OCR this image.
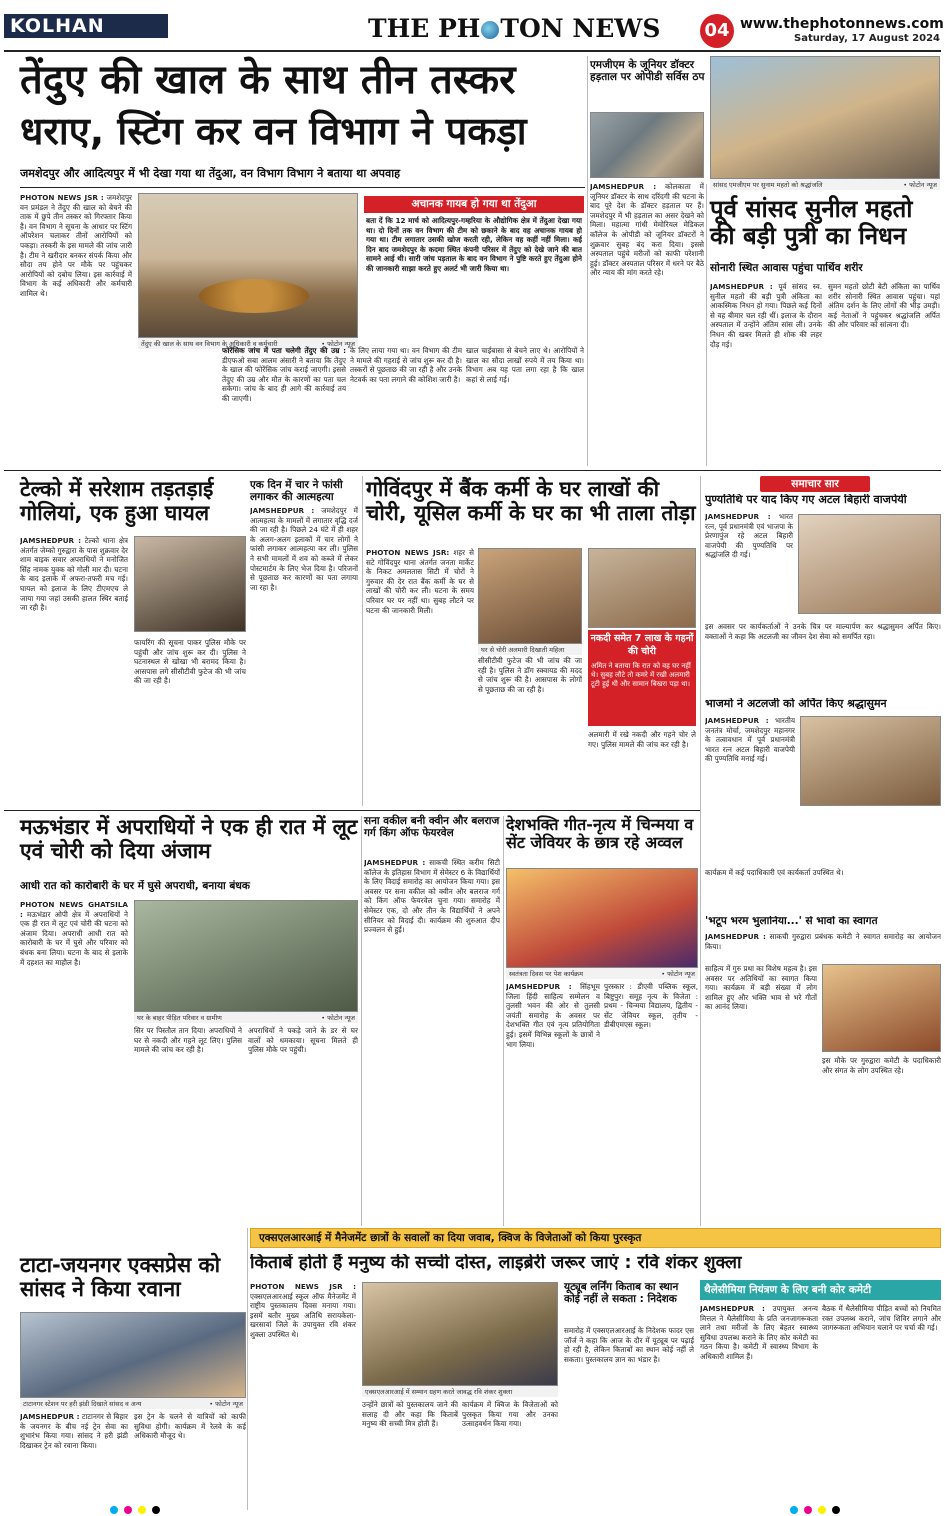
KOLHAN	THE PH TON NEWS 04 www.thephotonnews.com
Saturday, 17 August 2024
तेंदुए की खाल के साथ तीन तस्कर
धराए, स्टिंग कर वन विभाग ने पकड़ा
जमशेदपुर और आदित्यपुर में भी देखा गया था तेंदुआ, वन विभाग विभाग ने बताया था अपवाह
PHOTON NEWS JSR : जमशेदपुर वन प्रमंडल ने तेंदुए की खाल को बेचने की ताक में छुपे तीन तस्कर को गिरफ्तार किया है। वन विभाग ने सूचना के आधार पर स्टिंग ऑपरेशन चलाकर तीनों आरोपियों को पकड़ा। तस्करी के इस मामले की जांच जारी है। टीम ने खरीदार बनकर संपर्क किया और सौदा तय होने पर मौके पर पहुंचकर आरोपियों को दबोच लिया। इस कार्रवाई में विभाग के कई अधिकारी और कर्मचारी शामिल थे।
तेंदुए की खाल के साथ वन विभाग के अधिकारी व कर्मचारी	• फोटोन न्यूज
अचानक गायब हो गया था तेंदुआ
बता दें कि 12 मार्च को आदित्यपुर-गम्हरिया के औद्योगिक क्षेत्र में तेंदुआ देखा गया था। दो दिनों तक वन विभाग की टीम को छकाने के बाद वह अचानक गायब हो गया था। टीम लगातार उसकी खोज करती रही, लेकिन वह कहीं नहीं मिला। कई दिन बाद जमशेदपुर के कदमा स्थित कंपनी परिसर में तेंदुए को देखे जाने की बात सामने आई थी। सारी जांच पड़ताल के बाद वन विभाग ने पुष्टि करते हुए तेंदुआ होने की जानकारी साझा करते हुए अलर्ट भी जारी किया था।
फोरेंसिक जांच में पता चलेगी तेंदुए की उम्र : डीएफओ सबा आलम अंसारी ने बताया कि तेंदुए के खाल की फोरेंसिक जांच कराई जाएगी। इससे तेंदुए की उम्र और मौत के कारणों का पता चल सकेगा। जांच के बाद ही आगे की कार्रवाई तय की जाएगी।
के लिए लाया गया था। वन विभाग की टीम ने मामले की गहराई से जांच शुरू कर दी है। तस्करों से पूछताछ की जा रही है और उनके नेटवर्क का पता लगाने की कोशिश जारी है।
खाल चाईबासा से बेचने लाए थे। आरोपियों ने खाल का सौदा लाखों रुपये में तय किया था। विभाग अब यह पता लगा रहा है कि खाल कहां से लाई गई।
एमजीएम के जूनियर डॉक्टर हड़ताल पर ओपीडी सर्विस ठप
सांसद एमजीएम पर सुनाम महतो को श्रद्धांजलि	• फोटोन न्यूज
JAMSHEDPUR : कोलकाता में जूनियर डॉक्टर के साथ दरिंदगी की घटना के बाद पूरे देश के डॉक्टर हड़ताल पर हैं। जमशेदपुर में भी हड़ताल का असर देखने को मिला। महात्मा गांधी मेमोरियल मेडिकल कॉलेज के ओपीडी को जूनियर डॉक्टरों ने शुक्रवार सुबह बंद करा दिया। इससे अस्पताल पहुंचे मरीजों को काफी परेशानी हुई। डॉक्टर अस्पताल परिसर में धरने पर बैठे और न्याय की मांग करते रहे।
पूर्व सांसद सुनील महतो की बड़ी पुत्री का निधन
सोनारी स्थित आवास पहुंचा पार्थिव शरीर
JAMSHEDPUR : पूर्व सांसद स्व. सुनील महतो की बड़ी पुत्री अंकिता का आकस्मिक निधन हो गया। पिछले कई दिनों से वह बीमार चल रही थीं। इलाज के दौरान अस्पताल में उन्होंने अंतिम सांस ली। उनके निधन की खबर मिलते ही शोक की लहर दौड़ गई।
सुमन महतो छोटी बेटी अंकिता का पार्थिव शरीर सोनारी स्थित आवास पहुंचा। यहां अंतिम दर्शन के लिए लोगों की भीड़ उमड़ी। कई नेताओं ने पहुंचकर श्रद्धांजलि अर्पित की और परिवार को सांत्वना दी।
टेल्को में सरेशाम तड़तड़ाई गोलियां, एक हुआ घायल
JAMSHEDPUR : टेल्को थाना क्षेत्र अंतर्गत जेम्को गुरुद्वारा के पास शुक्रवार देर शाम बाइक सवार अपराधियों ने मनोजित सिंह नामक युवक को गोली मार दी। घटना के बाद इलाके में अफरा-तफरी मच गई। घायल को इलाज के लिए टीएमएच ले जाया गया जहां उसकी हालत स्थिर बताई जा रही है।
फायरिंग की सूचना पाकर पुलिस मौके पर पहुंची और जांच शुरू कर दी। पुलिस ने घटनास्थल से खोखा भी बरामद किया है। आसपास लगे सीसीटीवी फुटेज की भी जांच की जा रही है।
एक दिन में चार ने फांसी लगाकर की आत्महत्या
JAMSHEDPUR : जमशेदपुर में आत्महत्या के मामलों में लगातार वृद्धि दर्ज की जा रही है। पिछले 24 घंटे में ही शहर के अलग-अलग इलाकों में चार लोगों ने फांसी लगाकर आत्महत्या कर ली। पुलिस ने सभी मामलों में शव को कब्जे में लेकर पोस्टमार्टम के लिए भेज दिया है। परिजनों से पूछताछ कर कारणों का पता लगाया जा रहा है।
गोविंदपुर में बैंक कर्मी के घर लाखों की चोरी, यूसिल कर्मी के घर का भी ताला तोड़ा
PHOTON NEWS JSR: शहर से सटे गोविंदपुर थाना अंतर्गत जनता मार्केट के निकट अमलतास सिटी में चोरों ने गुरुवार की देर रात बैंक कर्मी के घर से लाखों की चोरी कर ली। घटना के समय परिवार घर पर नहीं था। सुबह लौटने पर घटना की जानकारी मिली।
घर से चोरी अलमारी दिखाती महिला
सीसीटीवी फुटेज की भी जांच की जा रही है। पुलिस ने डॉग स्क्वायड की मदद से जांच शुरू की है। आसपास के लोगों से पूछताछ की जा रही है।
नकदी समेत 7 लाख के गहनों की चोरी
अमित ने बताया कि रात को वह घर नहीं थे। सुबह लौटे तो कमरे में रखी अलमारी टूटी हुई थी और सामान बिखरा पड़ा था।
अलमारी में रखे नकदी और गहने चोर ले गए। पुलिस मामले की जांच कर रही है।
समाचार सार
पुण्यतिथि पर याद किए गए अटल बिहारी वाजपेयी
JAMSHEDPUR : भारत रत्न, पूर्व प्रधानमंत्री एवं भाजपा के प्रेरणापुंज रहे अटल बिहारी वाजपेयी की पुण्यतिथि पर श्रद्धांजलि दी गई।
इस अवसर पर कार्यकर्ताओं ने उनके चित्र पर माल्यार्पण कर श्रद्धासुमन अर्पित किए। वक्ताओं ने कहा कि अटलजी का जीवन देश सेवा को समर्पित रहा।
भाजमो ने अटलजी को अर्पित किए श्रद्धासुमन
JAMSHEDPUR : भारतीय जनतंत्र मोर्चा, जमशेदपुर महानगर के तत्वावधान में पूर्व प्रधानमंत्री भारत रत्न अटल बिहारी वाजपेयी की पुण्यतिथि मनाई गई।
कार्यक्रम में कई पदाधिकारी एवं कार्यकर्ता उपस्थित थे।
'भटूप भरम भुलानिया...' से भावों का स्वागत
JAMSHEDPUR : साकची गुरुद्वारा प्रबंधक कमेटी ने स्वागत समारोह का आयोजन किया।
साहित्य में गुरु प्रथा का विशेष महत्व है। इस अवसर पर अतिथियों का स्वागत किया गया। कार्यक्रम में बड़ी संख्या में लोग शामिल हुए और भक्ति भाव से भरे गीतों का आनंद लिया।
इस मौके पर गुरुद्वारा कमेटी के पदाधिकारी और संगत के लोग उपस्थित रहे।
मऊभंडार में अपराधियों ने एक ही रात में लूट एवं चोरी को दिया अंजाम
आधी रात को कारोबारी के घर में घुसे अपराधी, बनाया बंधक
PHOTON NEWS GHATSILA : मऊभंडार ओपी क्षेत्र में अपराधियों ने एक ही रात में लूट एवं चोरी की घटना को अंजाम दिया। अपराधी आधी रात को कारोबारी के घर में घुसे और परिवार को बंधक बना लिया। घटना के बाद से इलाके में दहशत का माहौल है।
घर के बाहर पीड़ित परिवार व ग्रामीण	• फोटोन न्यूज
सिर पर पिस्तौल तान दिया। अपराधियों ने घर से नकदी और गहने लूट लिए। पुलिस मामले की जांच कर रही है।
अपराधियों ने पकड़े जाने के डर से घर वालों को धमकाया। सूचना मिलते ही पुलिस मौके पर पहुंची।
सना वकील बनी क्वीन और बलराज गर्ग किंग ऑफ फेयरवेल
JAMSHEDPUR : साकची स्थित करीम सिटी कॉलेज के इतिहास विभाग में सेमेस्टर 6 के विद्यार्थियों के लिए विदाई समारोह का आयोजन किया गया। इस अवसर पर सना वकील को क्वीन और बलराज गर्ग को किंग ऑफ फेयरवेल चुना गया। समारोह में सेमेस्टर एक, दो और तीन के विद्यार्थियों ने अपने सीनियर को विदाई दी। कार्यक्रम की शुरुआत दीप प्रज्वलन से हुई।
देशभक्ति गीत-नृत्य में चिन्मया व सेंट जेवियर के छात्र रहे अव्वल
स्वतंत्रता दिवस पर पेश कार्यक्रम	• फोटोन न्यूज
JAMSHEDPUR : सिंहभूम जिला हिंदी साहित्य सम्मेलन व तुलसी भवन की ओर से तुलसी जयंती समारोह के अवसर पर देशभक्ति गीत एवं नृत्य प्रतियोगिता हुई। इसमें विभिन्न स्कूलों के छात्रों ने भाग लिया।
पुरस्कार : डीएवी पब्लिक स्कूल, बिष्टुपुर। समूह नृत्य के विजेता : प्रथम - चिन्मया विद्यालय, द्वितीय - सेंट जेवियर स्कूल, तृतीय - डीबीएमएस स्कूल।
एक्सएलआरआई में मैनेजमेंट छात्रों के सवालों का दिया जवाब, क्विज के विजेताओं को किया पुरस्कृत
टाटा-जयनगर एक्सप्रेस को सांसद ने किया रवाना
टाटानगर स्टेशन पर हरी झंडी दिखाते सांसद व अन्य	• फोटोन न्यूज
JAMSHEDPUR : टाटानगर से बिहार के जयनगर के बीच नई ट्रेन सेवा का शुभारंभ किया गया। सांसद ने हरी झंडी दिखाकर ट्रेन को रवाना किया।
इस ट्रेन के चलने से यात्रियों को काफी सुविधा होगी। कार्यक्रम में रेलवे के कई अधिकारी मौजूद थे।
किताबें होती हैं मनुष्य की सच्ची दोस्त, लाइब्रेरी जरूर जाएं : रवि शंकर शुक्ला
PHOTON NEWS JSR : एक्सएलआरआई स्कूल ऑफ मैनेजमेंट में राष्ट्रीय पुस्तकालय दिवस मनाया गया। इसमें बतौर मुख्य अतिथि सरायकेला-खरसावां जिले के उपायुक्त रवि शंकर शुक्ला उपस्थित थे।
एक्सएलआरआई में सम्मान ग्रहण करते जावद्ध रवि शंकर शुक्ला
उन्होंने छात्रों को पुस्तकालय जाने की सलाह दी और कहा कि किताबें मनुष्य की सच्ची मित्र होती हैं।
कार्यक्रम में क्विज के विजेताओं को पुरस्कृत किया गया और उनका उत्साहवर्धन किया गया।
यूट्यूब लर्निंग किताब का स्थान कोई नहीं ले सकता : निदेशक
समारोह में एक्सएलआरआई के निदेशक फादर एस जॉर्ज ने कहा कि आज के दौर में यूट्यूब पर पढ़ाई हो रही है, लेकिन किताबों का स्थान कोई नहीं ले सकता। पुस्तकालय ज्ञान का भंडार है।
थैलेसीमिया नियंत्रण के लिए बनी कोर कमेटी
JAMSHEDPUR : उपायुक्त अनन्य मित्तल ने थैलेसीमिया के प्रति जनजागरूकता लाने तथा मरीजों के लिए बेहतर स्वास्थ्य सुविधा उपलब्ध कराने के लिए कोर कमेटी का गठन किया है। कमेटी में स्वास्थ्य विभाग के अधिकारी शामिल हैं।
बैठक में थैलेसीमिया पीड़ित बच्चों को नियमित रक्त उपलब्ध कराने, जांच शिविर लगाने और जागरूकता अभियान चलाने पर चर्चा की गई।
